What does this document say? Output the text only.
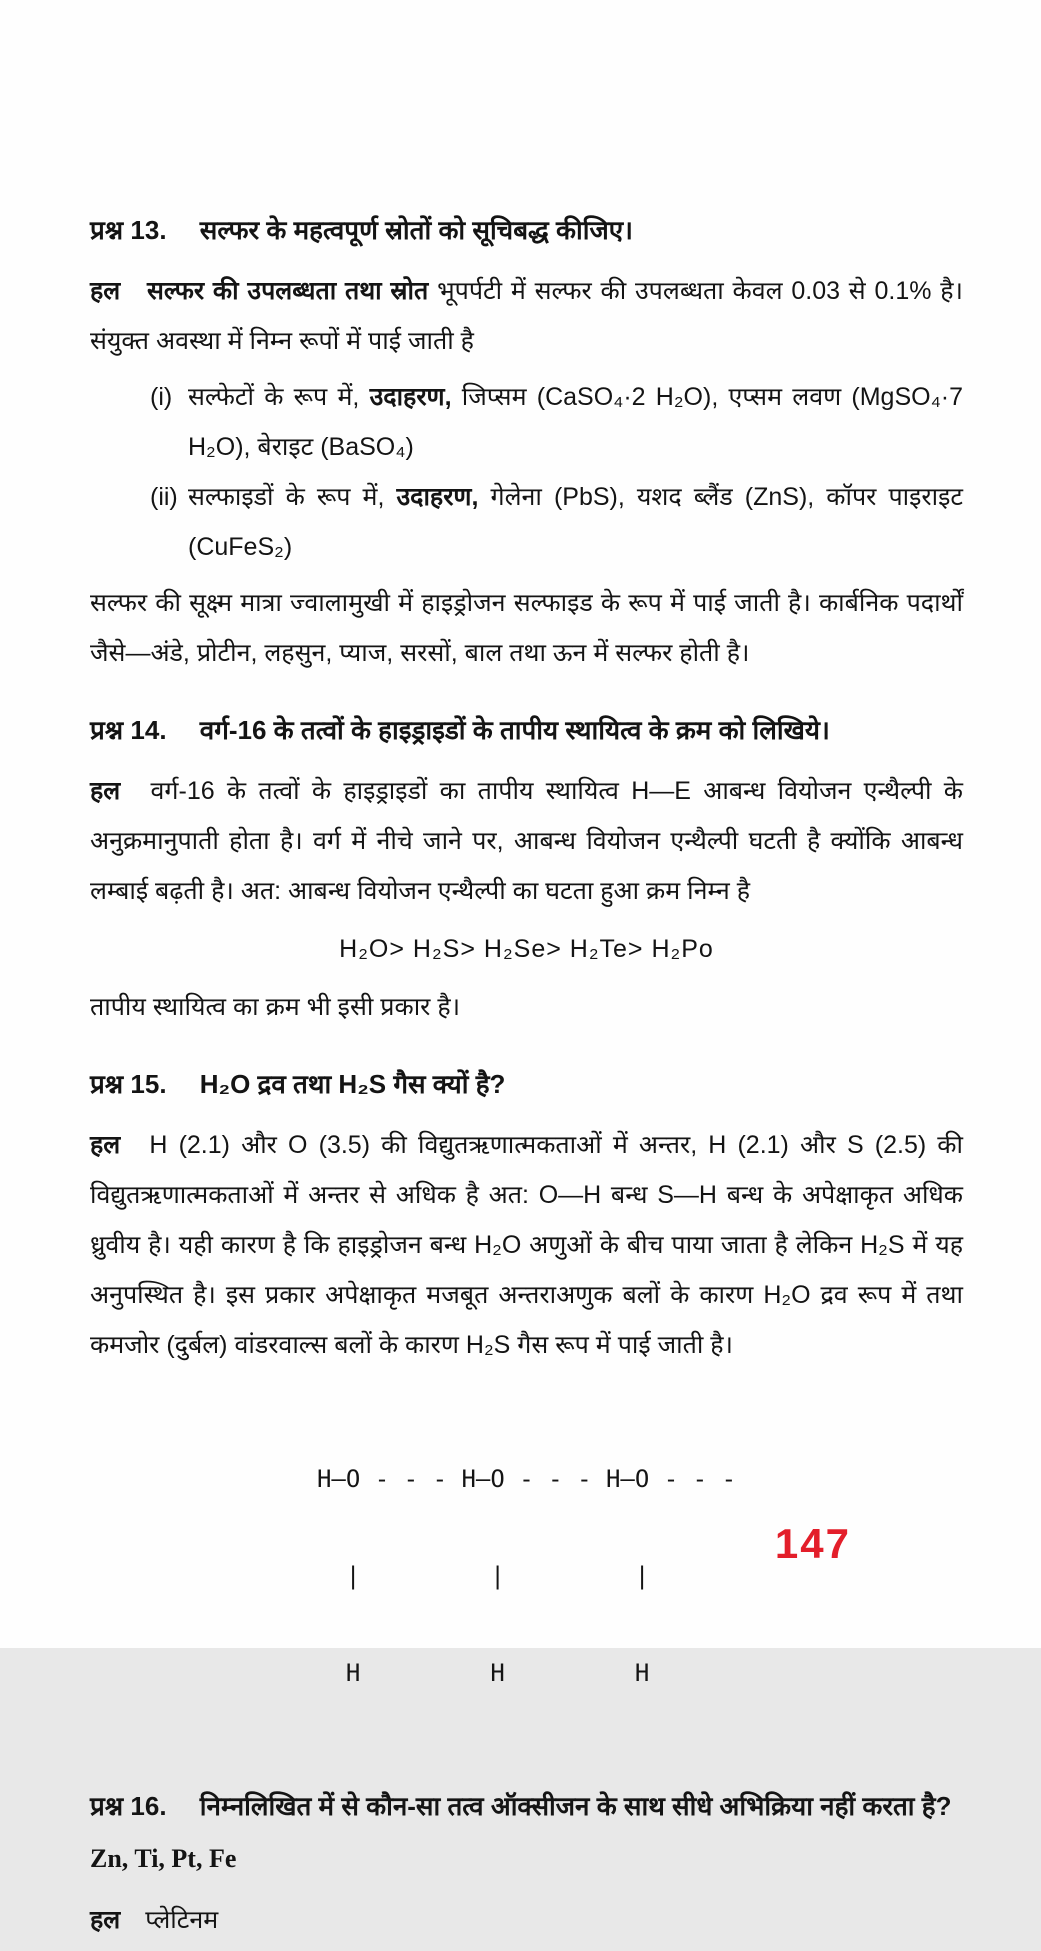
प्रश्न 13. सल्फर के महत्वपूर्ण स्रोतों को सूचिबद्ध कीजिए।
हल सल्फर की उपलब्धता तथा स्रोत भूपर्पटी में सल्फर की उपलब्धता केवल 0.03 से 0.1% है। संयुक्त अवस्था में निम्न रूपों में पाई जाती है
(i) सल्फेटों के रूप में, उदाहरण, जिप्सम (CaSO₄·2 H₂O), एप्सम लवण (MgSO₄·7 H₂O), बेराइट (BaSO₄)
(ii) सल्फाइडों के रूप में, उदाहरण, गेलेना (PbS), यशद ब्लैंड (ZnS), कॉपर पाइराइट (CuFeS₂)
सल्फर की सूक्ष्म मात्रा ज्वालामुखी में हाइड्रोजन सल्फाइड के रूप में पाई जाती है। कार्बनिक पदार्थों जैसे—अंडे, प्रोटीन, लहसुन, प्याज, सरसों, बाल तथा ऊन में सल्फर होती है।
प्रश्न 14. वर्ग-16 के तत्वों के हाइड्राइडों के तापीय स्थायित्व के क्रम को लिखिये।
हल वर्ग-16 के तत्वों के हाइड्राइडों का तापीय स्थायित्व H—E आबन्ध वियोजन एन्थैल्पी के अनुक्रमानुपाती होता है। वर्ग में नीचे जाने पर, आबन्ध वियोजन एन्थैल्पी घटती है क्योंकि आबन्ध लम्बाई बढ़ती है। अत: आबन्ध वियोजन एन्थैल्पी का घटता हुआ क्रम निम्न है
H₂O> H₂S> H₂Se> H₂Te> H₂Po
तापीय स्थायित्व का क्रम भी इसी प्रकार है।
प्रश्न 15. H₂O द्रव तथा H₂S गैस क्यों है?
हल H (2.1) और O (3.5) की विद्युतऋणात्मकताओं में अन्तर, H (2.1) और S (2.5) की विद्युतऋणात्मकताओं में अन्तर से अधिक है अत: O—H बन्ध S—H बन्ध के अपेक्षाकृत अधिक ध्रुवीय है। यही कारण है कि हाइड्रोजन बन्ध H₂O अणुओं के बीच पाया जाता है लेकिन H₂S में यह अनुपस्थित है। इस प्रकार अपेक्षाकृत मजबूत अन्तराअणुक बलों के कारण H₂O द्रव रूप में तथा कमजोर (दुर्बल) वांडरवाल्स बलों के कारण H₂S गैस रूप में पाई जाती है।

H—O - - - H—O - - - H—O - - -

|         |         |

H         H         H

प्रश्न 16. निम्नलिखित में से कौन-सा तत्व ऑक्सीजन के साथ सीधे अभिक्रिया नहीं करता है? Zn, Ti, Pt, Fe
हल प्लेटिनम
147
